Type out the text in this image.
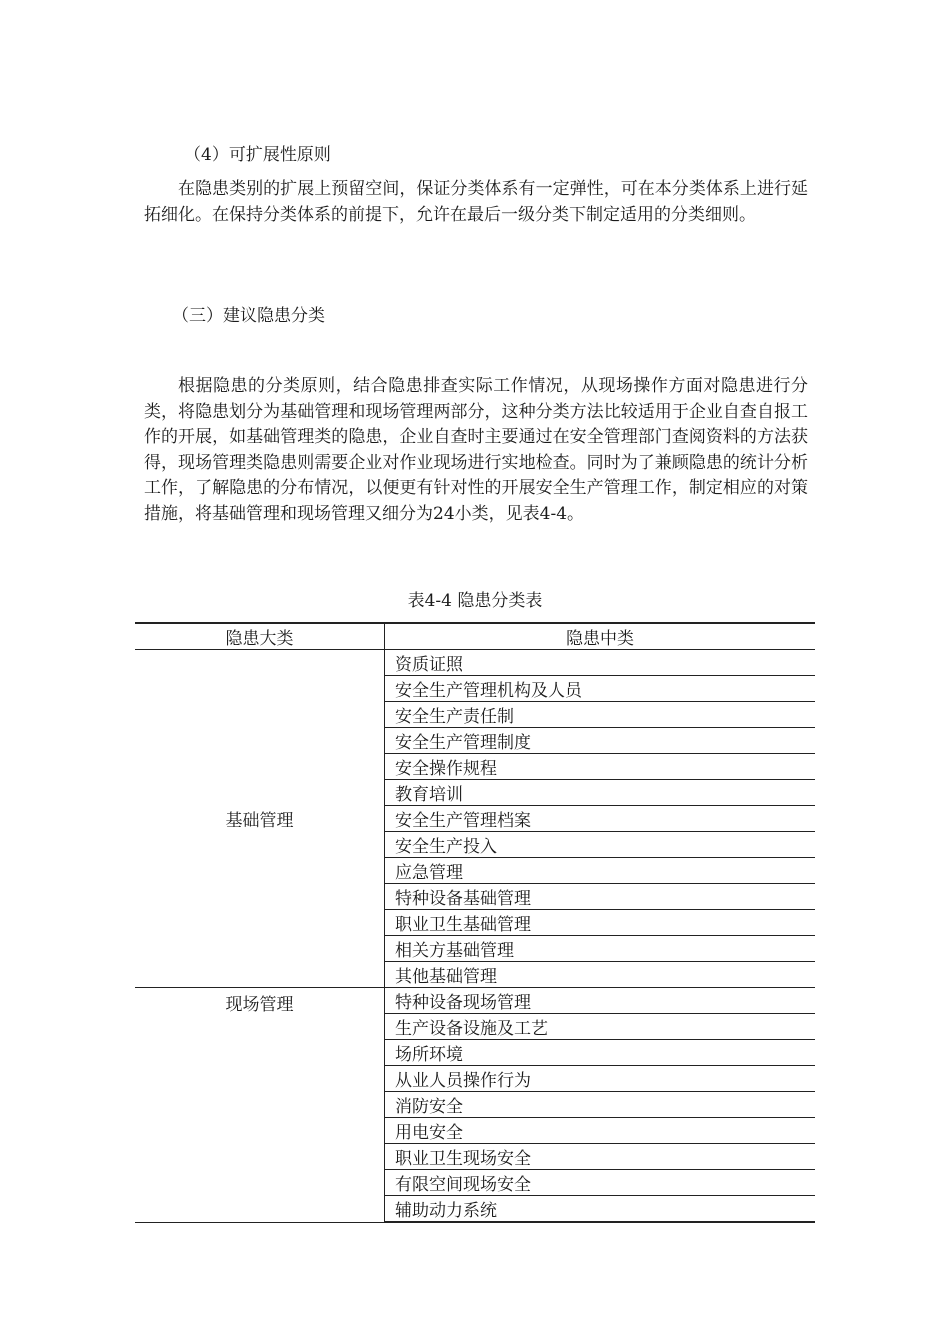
（4）可扩展性原则

在隐患类别的扩展上预留空间，保证分类体系有一定弹性，可在本分类体系上进行延拓细化。在保持分类体系的前提下，允许在最后一级分类下制定适用的分类细则。

（三）建议隐患分类

根据隐患的分类原则，结合隐患排查实际工作情况，从现场操作方面对隐患进行分类，将隐患划分为基础管理和现场管理两部分，这种分类方法比较适用于企业自查自报工作的开展，如基础管理类的隐患，企业自查时主要通过在安全管理部门查阅资料的方法获得，现场管理类隐患则需要企业对作业现场进行实地检查。同时为了兼顾隐患的统计分析工作，了解隐患的分布情况，以便更有针对性的开展安全生产管理工作，制定相应的对策措施，将基础管理和现场管理又细分为24小类，见表4-4。

表4-4 隐患分类表

隐患大类	隐患中类
基础管理	资质证照
	安全生产管理机构及人员
	安全生产责任制
	安全生产管理制度
	安全操作规程
	教育培训
	安全生产管理档案
	安全生产投入
	应急管理
	特种设备基础管理
	职业卫生基础管理
	相关方基础管理
	其他基础管理
现场管理	特种设备现场管理
	生产设备设施及工艺
	场所环境
	从业人员操作行为
	消防安全
	用电安全
	职业卫生现场安全
	有限空间现场安全
	辅助动力系统
